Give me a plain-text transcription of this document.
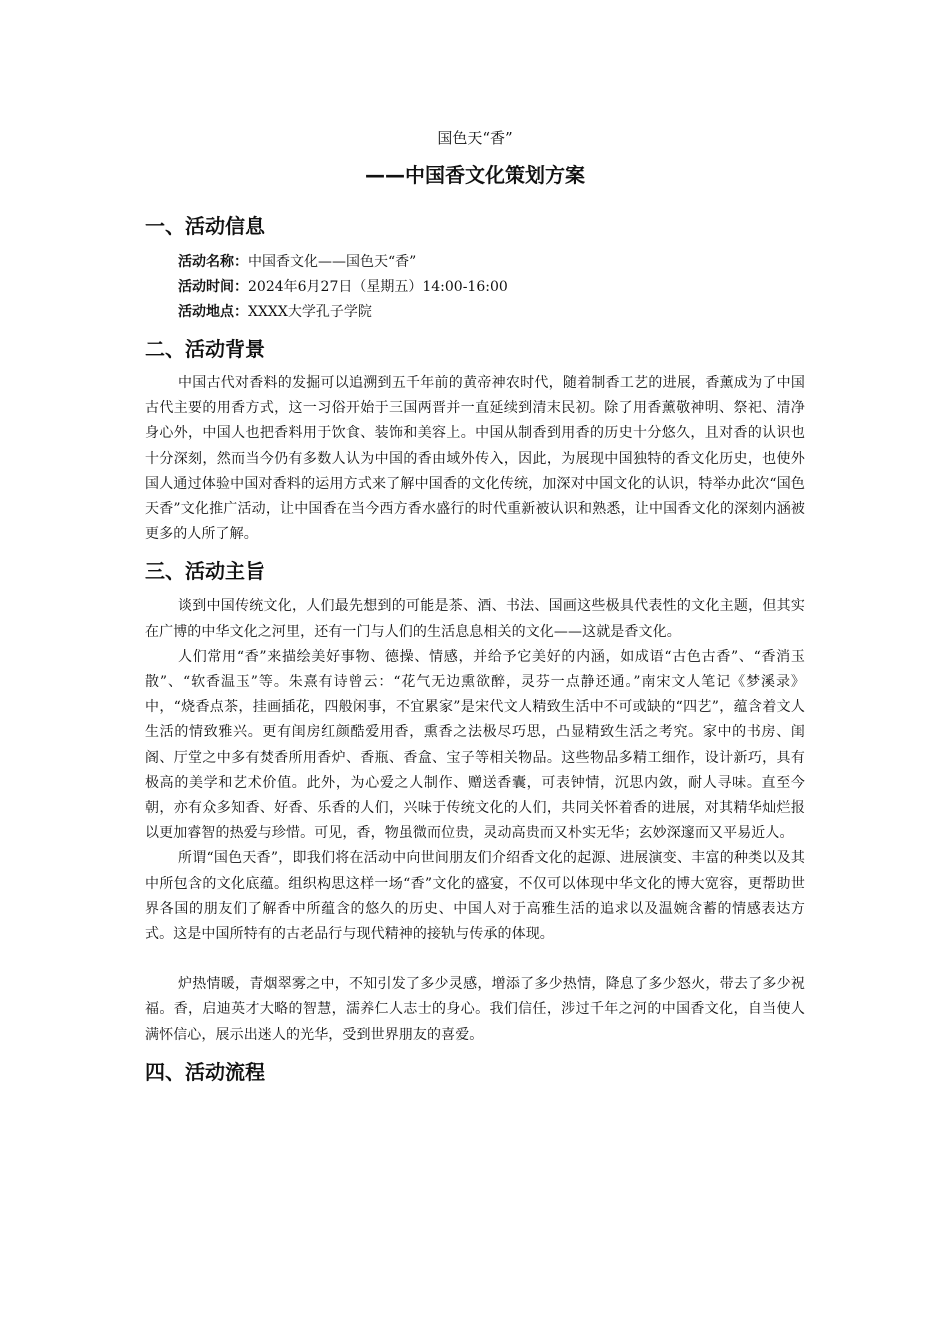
国色天“香”
——中国香文化策划方案
一、活动信息
活动名称：中国香文化——国色天“香”
活动时间：2024年6月27日（星期五）14:00-16:00
活动地点：XXXX大学孔子学院
二、活动背景

中国古代对香料的发掘可以追溯到五千年前的黄帝神农时代，随着制香工艺的进展，香薰成为了中国古代主要的用香方式，这一习俗开始于三国两晋并一直延续到清末民初。除了用香薰敬神明、祭祀、清净身心外，中国人也把香料用于饮食、装饰和美容上。中国从制香到用香的历史十分悠久，且对香的认识也十分深刻，然而当今仍有多数人认为中国的香由域外传入，因此，为展现中国独特的香文化历史，也使外国人通过体验中国对香料的运用方式来了解中国香的文化传统，加深对中国文化的认识，特举办此次“国色天香”文化推广活动，让中国香在当今西方香水盛行的时代重新被认识和熟悉，让中国香文化的深刻内涵被更多的人所了解。

三、活动主旨

谈到中国传统文化，人们最先想到的可能是茶、酒、书法、国画这些极具代表性的文化主题，但其实在广博的中华文化之河里，还有一门与人们的生活息息相关的文化——这就是香文化。

人们常用“香”来描绘美好事物、德操、情感，并给予它美好的内涵，如成语“古色古香”、“香消玉散”、“软香温玉”等。朱熹有诗曾云：“花气无边熏欲醉，灵芬一点静还通。”南宋文人笔记《梦溪录》中，“烧香点茶，挂画插花，四般闲事，不宜累家”是宋代文人精致生活中不可或缺的“四艺”，蕴含着文人生活的情致雅兴。更有闺房红颜酷爱用香，熏香之法极尽巧思，凸显精致生活之考究。家中的书房、闺阁、厅堂之中多有焚香所用香炉、香瓶、香盒、宝子等相关物品。这些物品多精工细作，设计新巧，具有极高的美学和艺术价值。此外，为心爱之人制作、赠送香囊，可表钟情，沉思内敛，耐人寻味。直至今朝，亦有众多知香、好香、乐香的人们，兴味于传统文化的人们，共同关怀着香的进展，对其精华灿烂报以更加睿智的热爱与珍惜。可见，香，物虽微而位贵，灵动高贵而又朴实无华；玄妙深邃而又平易近人。

所谓“国色天香”，即我们将在活动中向世间朋友们介绍香文化的起源、进展演变、丰富的种类以及其中所包含的文化底蕴。组织构思这样一场“香”文化的盛宴，不仅可以体现中华文化的博大宽容，更帮助世界各国的朋友们了解香中所蕴含的悠久的历史、中国人对于高雅生活的追求以及温婉含蓄的情感表达方式。这是中国所特有的古老品行与现代精神的接轨与传承的体现。

炉热情暖，青烟翠雾之中，不知引发了多少灵感，增添了多少热情，降息了多少怒火，带去了多少祝福。香，启迪英才大略的智慧，濡养仁人志士的身心。我们信任，涉过千年之河的中国香文化，自当使人满怀信心，展示出迷人的光华，受到世界朋友的喜爱。

四、活动流程
